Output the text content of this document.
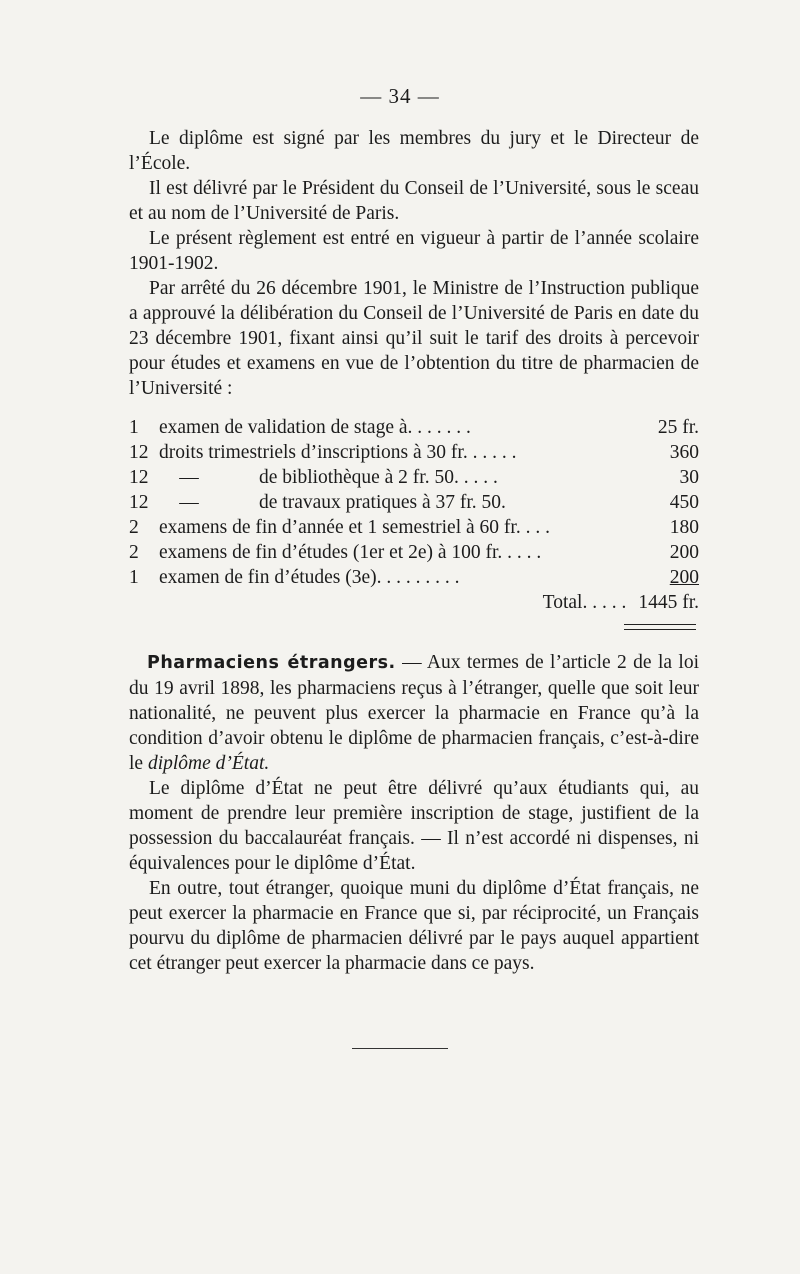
— 34 —

Le diplôme est signé par les membres du jury et le Directeur de l’École.

Il est délivré par le Président du Conseil de l’Université, sous le sceau et au nom de l’Université de Paris.

Le présent règlement est entré en vigueur à partir de l’année scolaire 1901-1902.

Par arrêté du 26 décembre 1901, le Ministre de l’Instruction publique a approuvé la délibération du Conseil de l’Université de Paris en date du 23 décembre 1901, fixant ainsi qu’il suit le tarif des droits à percevoir pour études et examens en vue de l’obtention du titre de pharmacien de l’Université :

1	examen de validation de stage à. . . . . . .	25 fr.
12	droits trimestriels d’inscriptions à 30 fr. . . . . .	360
12	— de bibliothèque à 2 fr. 50. . . . .	30
12	— de travaux pratiques à 37 fr. 50.	450
2	examens de fin d’année et 1 semestriel à 60 fr. . . .	180
2	examens de fin d’études (1er et 2e) à 100 fr. . . . .	200
1	examen de fin d’études (3e). . . . . . . . .	200
	Total. . . . .	1445 fr.

Pharmaciens étrangers. — Aux termes de l’article 2 de la loi du 19 avril 1898, les pharmaciens reçus à l’étranger, quelle que soit leur nationalité, ne peuvent plus exercer la pharmacie en France qu’à la condition d’avoir obtenu le diplôme de pharmacien français, c’est-à-dire le diplôme d’État.

Le diplôme d’État ne peut être délivré qu’aux étudiants qui, au moment de prendre leur première inscription de stage, justifient de la possession du baccalauréat français. — Il n’est accordé ni dispenses, ni équivalences pour le diplôme d’État.

En outre, tout étranger, quoique muni du diplôme d’État français, ne peut exercer la pharmacie en France que si, par réciprocité, un Français pourvu du diplôme de pharmacien délivré par le pays auquel appartient cet étranger peut exercer la pharmacie dans ce pays.
